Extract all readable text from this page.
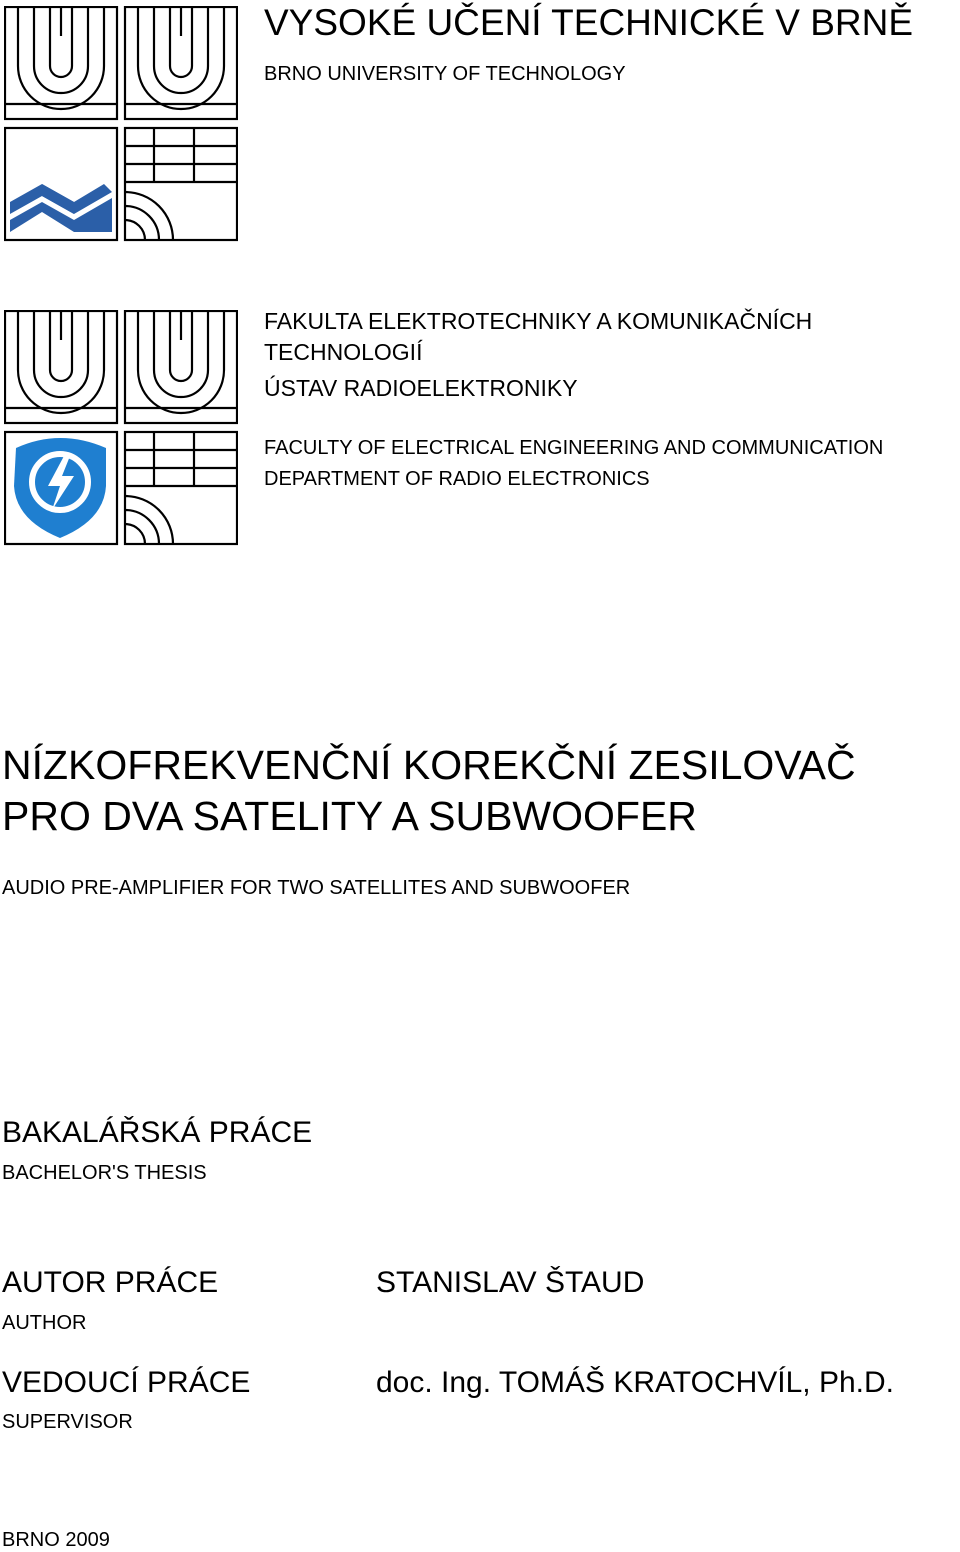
VYSOKÉ UČENÍ TECHNICKÉ V BRNĚ
BRNO UNIVERSITY OF TECHNOLOGY
FAKULTA ELEKTROTECHNIKY A KOMUNIKAČNÍCH TECHNOLOGIÍ
ÚSTAV RADIOELEKTRONIKY
FACULTY OF ELECTRICAL ENGINEERING AND COMMUNICATION
DEPARTMENT OF RADIO ELECTRONICS
NÍZKOFREKVENČNÍ KOREKČNÍ ZESILOVAČ PRO DVA SATELITY A SUBWOOFER
AUDIO PRE-AMPLIFIER FOR TWO SATELLITES AND SUBWOOFER
BAKALÁŘSKÁ PRÁCE
BACHELOR'S THESIS
AUTOR PRÁCE
AUTHOR
STANISLAV ŠTAUD
VEDOUCÍ PRÁCE
SUPERVISOR
doc. Ing. TOMÁŠ KRATOCHVÍL, Ph.D.
BRNO 2009
